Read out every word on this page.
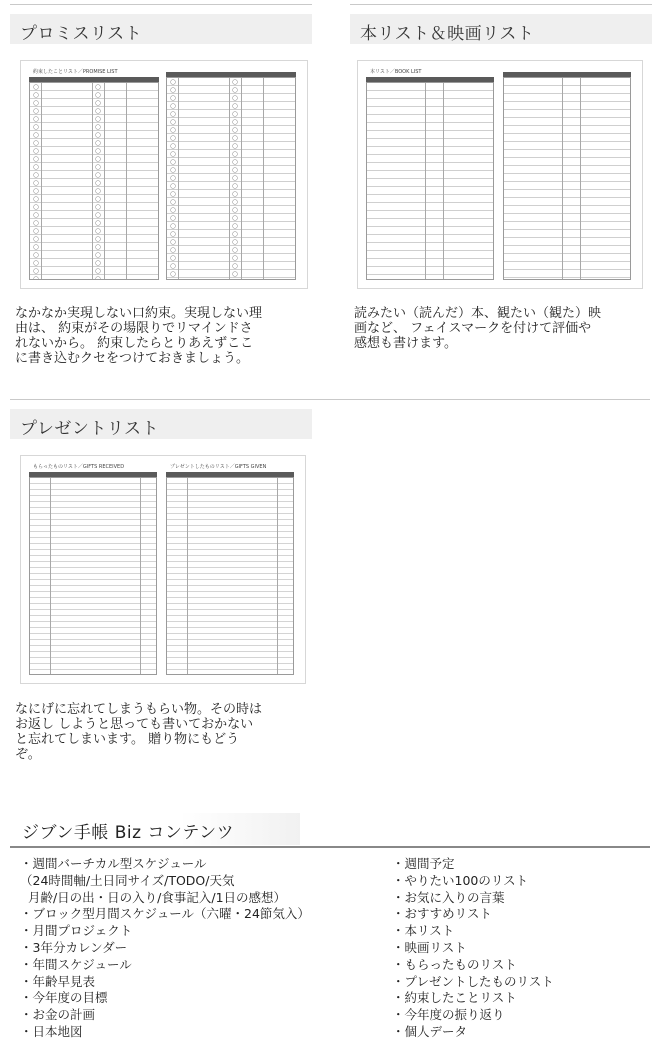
プロミスリスト
約束したことリスト／PROMISE LIST
なかなか実現しない口約束。実現しない理
由は、 約束がその場限りでリマインドさ
れないから。 約束したらとりあえずここ
に書き込むクセをつけておきましょう。
本リスト＆映画リスト
本リスト／BOOK LIST
読みたい（読んだ）本、観たい（観た）映
画など、 フェイスマークを付けて評価や
感想も書けます。
プレゼントリスト
もらったものリスト／GIFTS RECEIVED	プレゼントしたものリスト／GIFTS GIVEN
なにげに忘れてしまうもらい物。その時は
お返し しようと思っても書いておかない
と忘れてしまいます。 贈り物にもどう
ぞ。
ジブン手帳 Biz コンテンツ
・週間バーチカル型スケジュール
（24時間軸/土日同サイズ/TODO/天気
月齢/日の出・日の入り/食事記入/1日の感想）
・ブロック型月間スケジュール（六曜・24節気入）
・月間プロジェクト
・3年分カレンダー
・年間スケジュール
・年齢早見表
・今年度の目標
・お金の計画
・日本地図
・週間予定
・やりたい100のリスト
・お気に入りの言葉
・おすすめリスト
・本リスト
・映画リスト
・もらったものリスト
・プレゼントしたものリスト
・約束したことリスト
・今年度の振り返り
・個人データ
